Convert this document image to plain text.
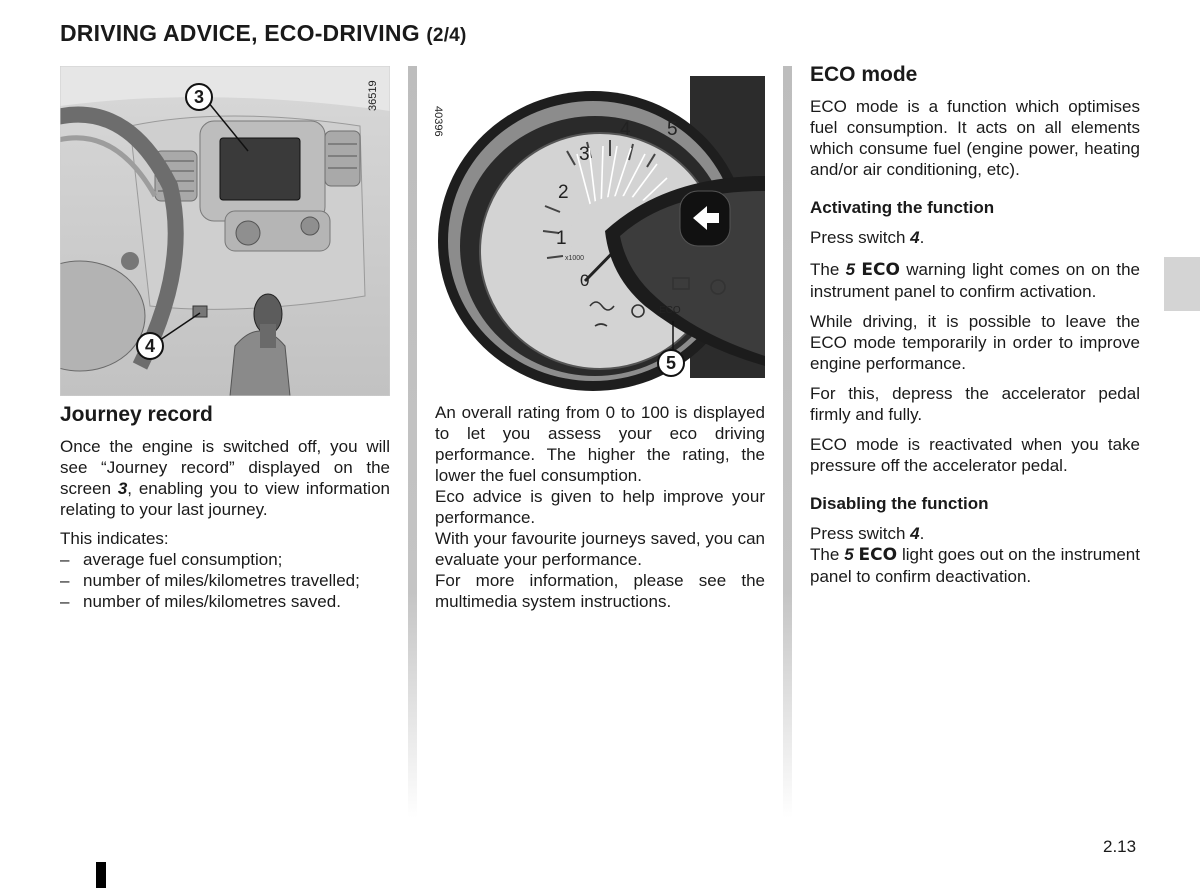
DRIVING ADVICE, ECO-DRIVING (2/4)
36519
3
4
40396
1
2
3
4 5
x1000
0
ECO
5
Journey record

Once the engine is switched off, you will see “Journey record” displayed on the screen 3, enabling you to view information relating to your last journey.

This indicates:

– average fuel consumption;
– number of miles/kilometres travelled;
– number of miles/kilometres saved.

An overall rating from 0 to 100 is displayed to let you assess your eco driving performance. The higher the rating, the lower the fuel consumption.

Eco advice is given to help improve your performance.

With your favourite journeys saved, you can evaluate your performance.

For more information, please see the multimedia system instructions.

ECO mode

ECO mode is a function which optimises fuel consumption. It acts on all elements which consume fuel (engine power, heating and/or air conditioning, etc).

Activating the function

Press switch 4.

The 5 ECO warning light comes on on the instrument panel to confirm activation.

While driving, it is possible to leave the ECO mode temporarily in order to improve engine performance.

For this, depress the accelerator pedal firmly and fully.

ECO mode is reactivated when you take pressure off the accelerator pedal.

Disabling the function

Press switch 4.

The 5 ECO light goes out on the instrument panel to confirm deactivation.

2.13
